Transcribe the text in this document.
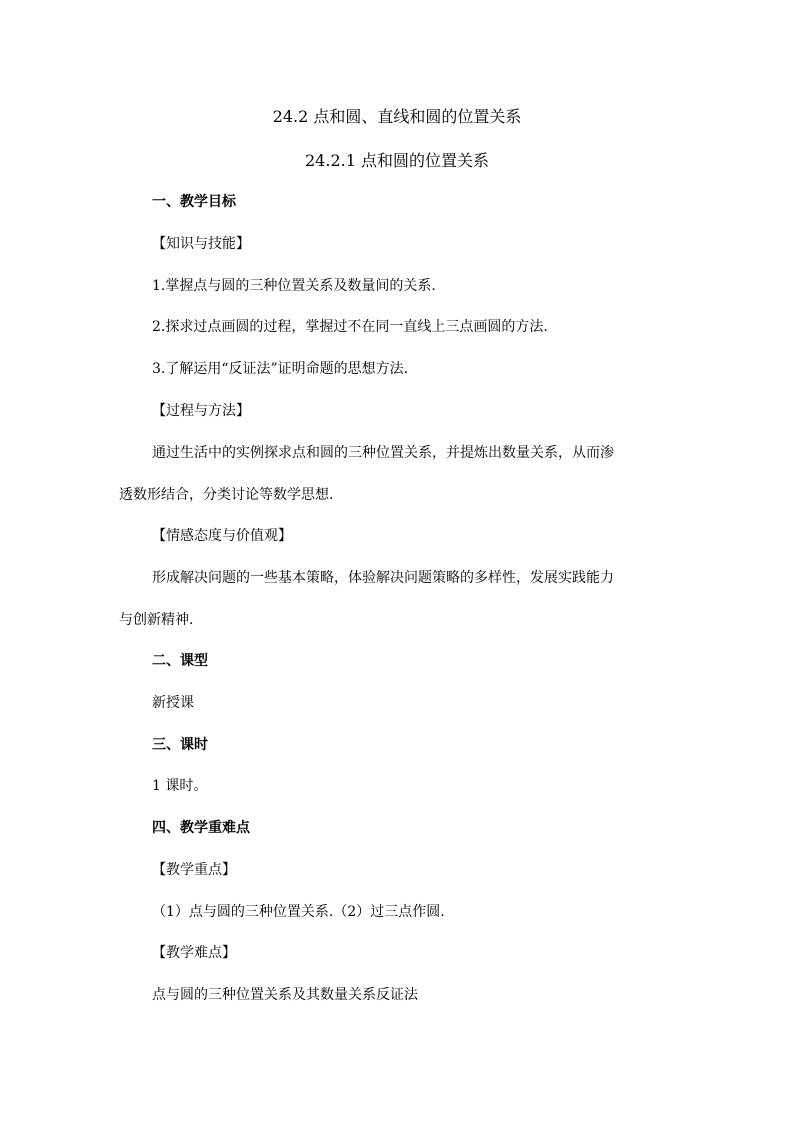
24.2 点和圆、直线和圆的位置关系
24.2.1 点和圆的位置关系
一、教学目标
【知识与技能】
1.掌握点与圆的三种位置关系及数量间的关系.
2.探求过点画圆的过程，掌握过不在同一直线上三点画圆的方法.
3.了解运用“反证法”证明命题的思想方法.
【过程与方法】
通过生活中的实例探求点和圆的三种位置关系，并提炼出数量关系，从而渗
透数形结合，分类讨论等数学思想.
【情感态度与价值观】
形成解决问题的一些基本策略，体验解决问题策略的多样性，发展实践能力
与创新精神.
二、课型
新授课
三、课时
1 课时。
四、教学重难点
【教学重点】
（1）点与圆的三种位置关系.（2）过三点作圆.
【教学难点】
点与圆的三种位置关系及其数量关系反证法
